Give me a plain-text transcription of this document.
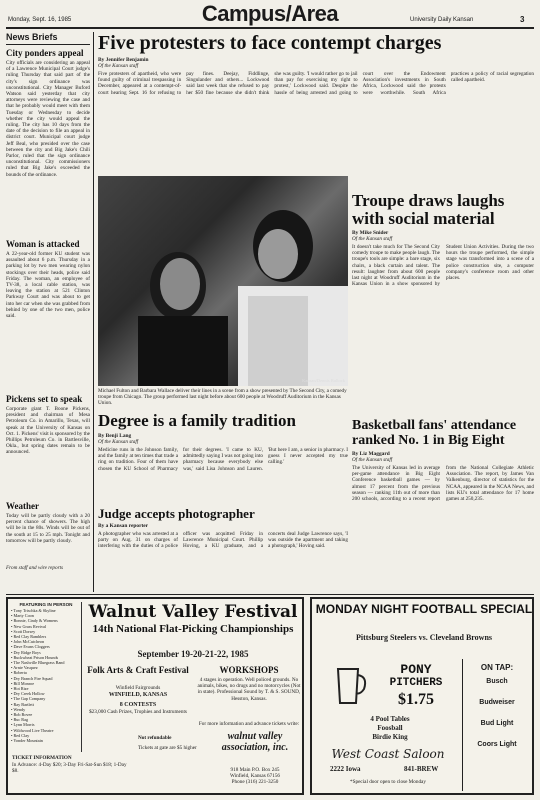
Monday, Sept. 16, 1985	Campus/Area	University Daily Kansan	3
News Briefs
City ponders appeal
City officials are considering an appeal of a Lawrence Municipal Court judge's ruling Thursday that said part of the city's sign ordinance was unconstitutional. City Manager Buford Watson said yesterday that city attorneys were reviewing the case and that he probably would meet with them Tuesday or Wednesday to decide whether the city would appeal the ruling. The city has 10 days from the date of the decision to file an appeal in district court. Municipal court judge Jeff Beal, who presided over the case between the city and Big Jake's Chili Parlor, ruled that the sign ordinance unconstitutional. City commissioners ruled that Big Jake's exceeded the bounds of the ordinance.
Woman is attacked
A 22-year-old former KU student was assaulted about 6 p.m. Thursday in a parking lot by two men wearing nylon stockings over their heads, police said Friday. The woman, an employee of TV-38, a local cable station, was leaving the station at 521 Clinton Parkway Court and was about to get into her car when she was grabbed from behind by one of the two men, police said.
Pickens set to speak
Corporate giant T. Boone Pickens, president and chairman of Mesa Petroleum Co. in Amarillo, Texas, will speak at the University of Kansas on Oct. 1. Pickens' visit is sponsored by the Phillips Petroleum Co. in Bartlesville, Okla., but spring dates remain to be announced.
Weather
Today will be partly cloudy with a 20 percent chance of showers. The high will be in the 80s. Winds will be out of the south at 15 to 25 mph. Tonight and tomorrow will be partly cloudy.
From staff and wire reports
Five protesters to face contempt charges
By Jennifer Benjamin
Of the Kansan staff
Five protesters of apartheid, who were found guilty of criminal trespassing in December, appeared at a contempt-of-court hearing Sept. 16 for refusing to pay fines. Deejay, Fiddlinge, Singulander and others... Lockwood said last week that she refused to pay her $50 fine because she didn't think she was guilty. 'I would rather go to jail than pay for exercising my right to protest,' Lockwood said. Despite the hassle of being arrested and going to court over the Endowment Association's investments in South Africa, Lockwood said the protests were worthwhile. South Africa practices a policy of racial segregation called apartheid.
Kansan/Dennis Bullock
Michael Fulton and Barbara Wallace deliver their lines in a scene from a show presented by The Second City, a comedy troupe from Chicago. The group performed last night before about 600 people at Woodruff Auditorium in the Kansas Union.
Troupe draws laughs with social material
By Mike Snider
Of the Kansan staff
It doesn't take much for The Second City comedy troupe to make people laugh. The troupe's tools are simple: a bare stage, six chairs, a black curtain and talent. The result: laughter from about 600 people last night at Woodruff Auditorium in the Kansas Union in a show sponsored by Student Union Activities. During the two hours the troupe performed, the simple stage was transformed into a scene of a police construction site, a computer company's conference room and other places.
Degree is a family tradition
By Benji Lang
Of the Kansan staff
Medicine runs in the Johnson family, and the family at ten times that trade a ring on tradition. Four of them have chosen the KU School of Pharmacy for their degrees. 'I came to KU, admittedly saying I was not going into pharmacy because everybody else was,' said Lisa Johnson and Lauren. 'But here I am, a senior in pharmacy. I guess I never accepted my true calling.'
Judge accepts photographer
By a Kansan reporter
A photographer who was arrested at a party on Aug. 31 on charges of interfering with the duties of a police officer was acquitted Friday in Lawrence Municipal Court. Phillip Hoving, a KU graduate, and a concerts deal Judge Lawrence says, 'I was outside the apartment and taking a photograph,' Hoving said.
Basketball fans' attendance ranked No. 1 in Big Eight
By Liz Maggard
Of the Kansan staff
The University of Kansas led in average per-game attendance in Big Eight Conference basketball games — by almost 17 percent from the previous season — ranking 11th out of more than 200 schools, according to a recent report from the National Collegiate Athletic Association. The report, by James Van Valkenburg, director of statistics for the NCAA, appeared in the NCAA News, and lists KU's total attendance for 17 home games at 250,235.
FEATURING IN PERSON
• Tony Trischka & Skyline
• Marty Coon
• Bonnie, Cindy & Womens
• New Grass Revival
• Scott Dorsey
• Red Clay Ramblers
• John McCutcheon
• Dave Evans Cloggers
• Dry Ridge Boys
• Buckwheat Prison Hounds
• The Nashville Bluegrass Band
• Arnie Vasquez
• Roberta
• Dry Branch Fire Squad
• Bill Monroe
• Hot Rize
• Dry Creek Hollow
• The Gap Company
• Ray Bartlett
• Wendy
• Bob Bovee
• Buc Rag
• Lynn Morris
• Wildwood Live Theatre
• Red Clay
• Yonder Mountain
Walnut Valley Festival
14th National Flat-Picking Championships
September 19-20-21-22, 1985
Folk Arts & Craft Festival
Winfield Fairgrounds
WINFIELD, KANSAS
8 CONTESTS
$23,000 Cash Prizes, Trophies and Instruments
WORKSHOPS
4 stages in operation. Well policed grounds. No animals, bikes, no drugs and no motorcycles (Not in state). Professional Sound by T. & S. SOUND, Hesston, Kansas.
For more information and advance tickets write:
TICKET INFORMATION
In Advance: 4-Day $20; 3-Day Fri-Sat-Sun $18; 1-Day $8.
Not refundable
Tickets at gate are $5 higher
walnut valley association, inc.
918 Main P.O. Box 245
Winfield, Kansas 67156
Phone (316) 221-3250
MONDAY NIGHT FOOTBALL SPECIAL
Pittsburg Steelers vs. Cleveland Browns
ON TAP:
Busch
Budweiser
Bud Light
Coors Light
PONY
PITCHERS
$1.75
4 Pool Tables
Foosball
Birdie King
West Coast Saloon
2222 Iowa	841-BREW
*Special door open to close Monday
